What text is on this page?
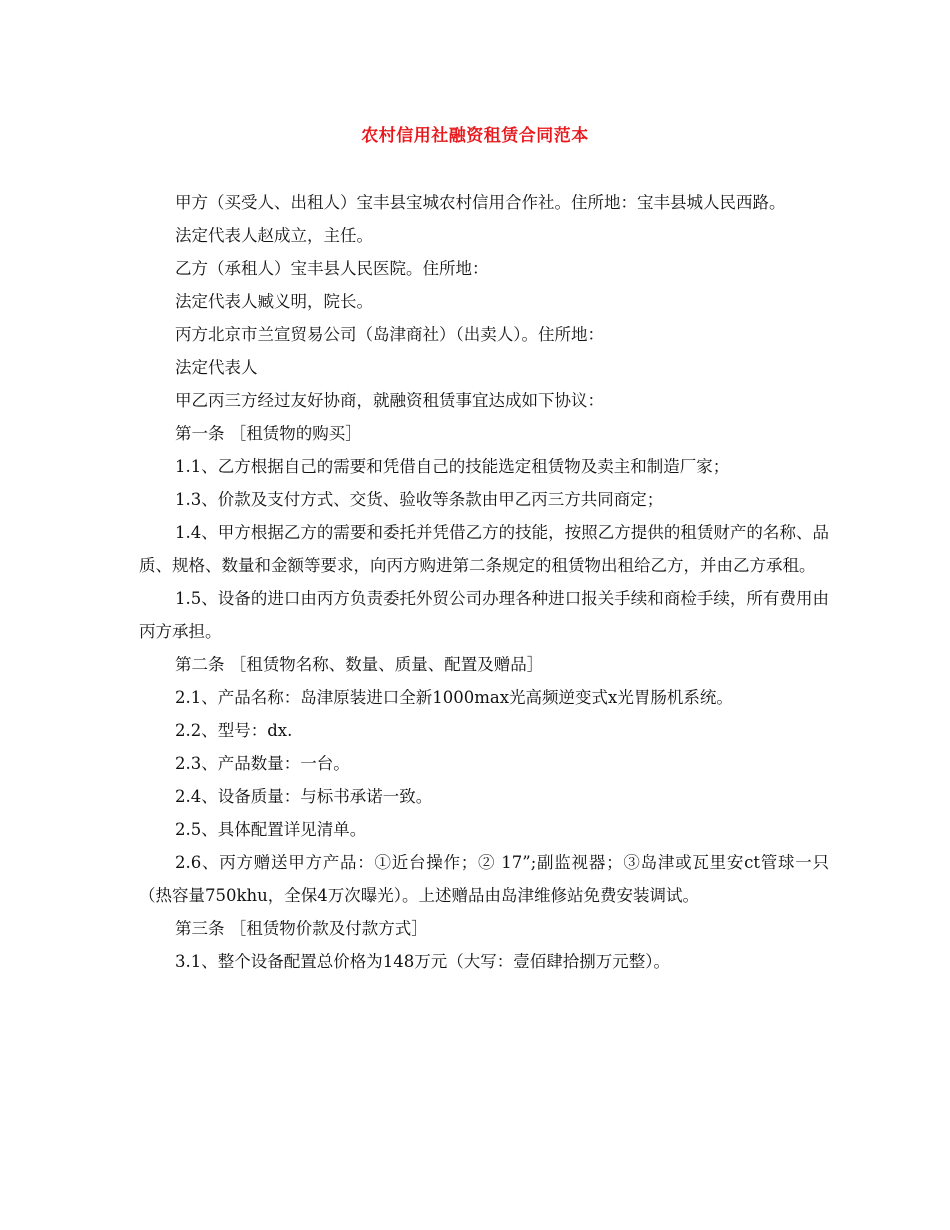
农村信用社融资租赁合同范本

甲方（买受人、出租人）宝丰县宝城农村信用合作社。住所地：宝丰县城人民西路。

法定代表人赵成立，主任。

乙方（承租人）宝丰县人民医院。住所地：

法定代表人臧义明，院长。

丙方北京市兰宣贸易公司（岛津商社）（出卖人）。住所地：

法定代表人

甲乙丙三方经过友好协商，就融资租赁事宜达成如下协议：

第一条 ［租赁物的购买］

1.1、乙方根据自己的需要和凭借自己的技能选定租赁物及卖主和制造厂家；

1.3、价款及支付方式、交货、验收等条款由甲乙丙三方共同商定；

1.4、甲方根据乙方的需要和委托并凭借乙方的技能，按照乙方提供的租赁财产的名称、品质、规格、数量和金额等要求，向丙方购进第二条规定的租赁物出租给乙方，并由乙方承租。

1.5、设备的进口由丙方负责委托外贸公司办理各种进口报关手续和商检手续，所有费用由丙方承担。

第二条 ［租赁物名称、数量、质量、配置及赠品］

2.1、产品名称：岛津原装进口全新1000max光高频逆变式x光胃肠机系统。

2.2、型号：dx.

2.3、产品数量：一台。

2.4、设备质量：与标书承诺一致。

2.5、具体配置详见清单。

2.6、丙方赠送甲方产品：①近台操作；② 17”;副监视器；③岛津或瓦里安ct管球一只（热容量750khu，全保4万次曝光）。上述赠品由岛津维修站免费安装调试。

第三条 ［租赁物价款及付款方式］

3.1、整个设备配置总价格为148万元（大写：壹佰肆拾捌万元整）。
